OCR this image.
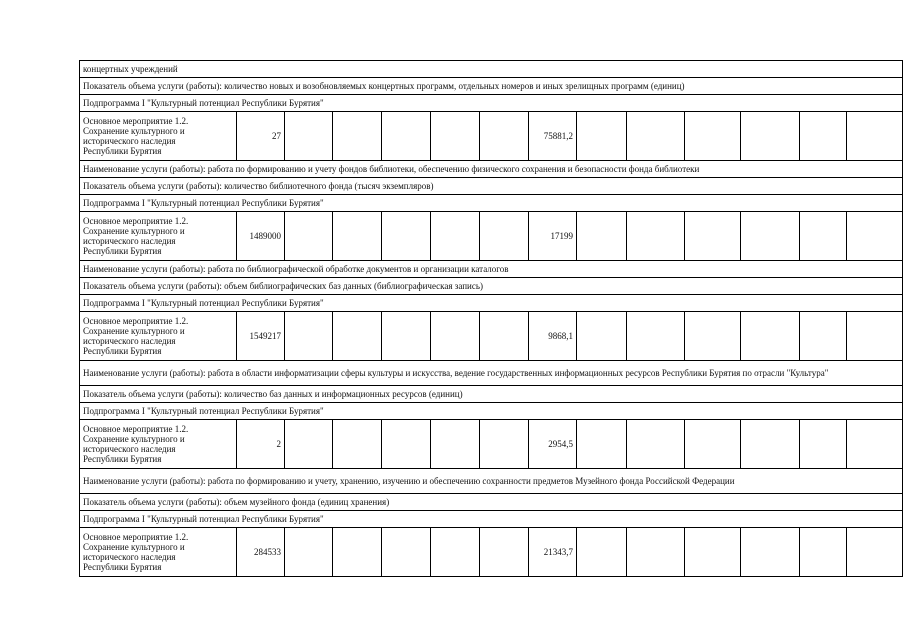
концертных учреждений													
Показатель объема услуги (работы): количество новых и возобновляемых концертных программ, отдельных номеров и иных зрелищных программ (единиц)													
Подпрограмма I "Культурный потенциал Республики Бурятия"													
Основное мероприятие 1.2.
Сохранение культурного и
исторического наследия
Республики Бурятия	27						75881,2						
Наименование услуги (работы): работа по формированию и учету фондов библиотеки, обеспечению физического сохранения и безопасности фонда библиотеки													
Показатель объема услуги (работы): количество библиотечного фонда (тысяч экземпляров)													
Подпрограмма I "Культурный потенциал Республики Бурятия"													
Основное мероприятие 1.2.
Сохранение культурного и
исторического наследия
Республики Бурятия	1489000						17199						
Наименование услуги (работы): работа по библиографической обработке документов и организации каталогов													
Показатель объема услуги (работы): объем библиографических баз данных (библиографическая запись)													
Подпрограмма I "Культурный потенциал Республики Бурятия"													
Основное мероприятие 1.2.
Сохранение культурного и
исторического наследия
Республики Бурятия	1549217						9868,1						
Наименование услуги (работы): работа в области информатизации сферы культуры и искусства, ведение государственных информационных ресурсов Республики Бурятия по отрасли "Культура"													
Показатель объема услуги (работы): количество баз данных и информационных ресурсов (единиц)													
Подпрограмма I "Культурный потенциал Республики Бурятия"													
Основное мероприятие 1.2.
Сохранение культурного и
исторического наследия
Республики Бурятия	2						2954,5						
Наименование услуги (работы): работа по формированию и учету, хранению, изучению и обеспечению сохранности предметов Музейного фонда Российской Федерации													
Показатель объема услуги (работы): объем музейного фонда (единиц хранения)													
Подпрограмма I "Культурный потенциал Республики Бурятия"													
Основное мероприятие 1.2.
Сохранение культурного и
исторического наследия
Республики Бурятия	284533						21343,7						
